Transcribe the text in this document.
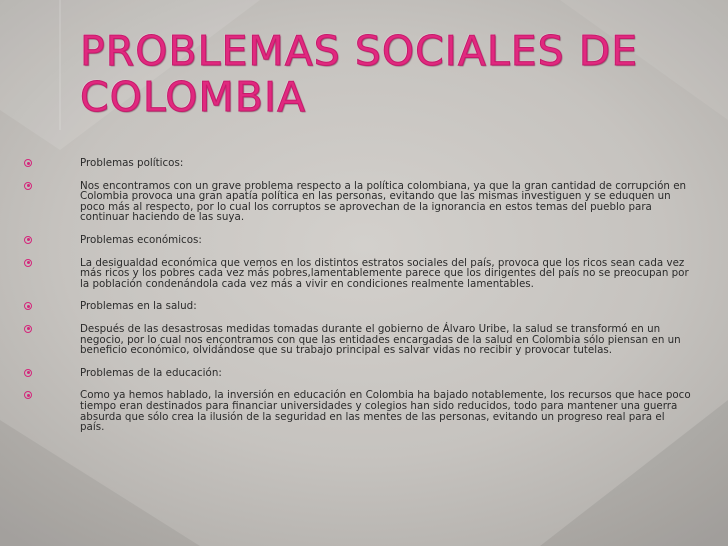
PROBLEMAS SOCIALES DE COLOMBIA
Problemas políticos:
Nos encontramos con un grave problema respecto a la política colombiana, ya que la gran cantidad de corrupción en Colombia provoca una gran apatía política en las personas, evitando que las mismas investiguen y se eduquen un poco más al respecto, por lo cual los corruptos se aprovechan de la ignorancia en estos temas del pueblo para continuar haciendo de las suya.
Problemas económicos:
La desigualdad económica que vemos en los distintos estratos sociales del país, provoca que los ricos sean cada vez más ricos y los pobres cada vez más pobres,lamentablemente parece que los dirigentes del país no se preocupan por la población condenándola cada vez más a vivir en condiciones realmente lamentables.
Problemas en la salud:
Después de las desastrosas medidas tomadas durante el gobierno de Álvaro Uribe, la salud se transformó en un negocio, por lo cual nos encontramos con que las entidades encargadas de la salud en Colombia sólo piensan en un beneficio económico, olvidándose que su trabajo principal es salvar vidas no recibir y provocar tutelas.
Problemas de la educación:
Como ya hemos hablado, la inversión en educación en Colombia ha bajado notablemente, los recursos que hace poco tiempo eran destinados para financiar universidades y colegios han sido reducidos, todo para mantener una guerra absurda que sólo crea la ilusión de la seguridad en las mentes de las personas, evitando un progreso real para el país.
